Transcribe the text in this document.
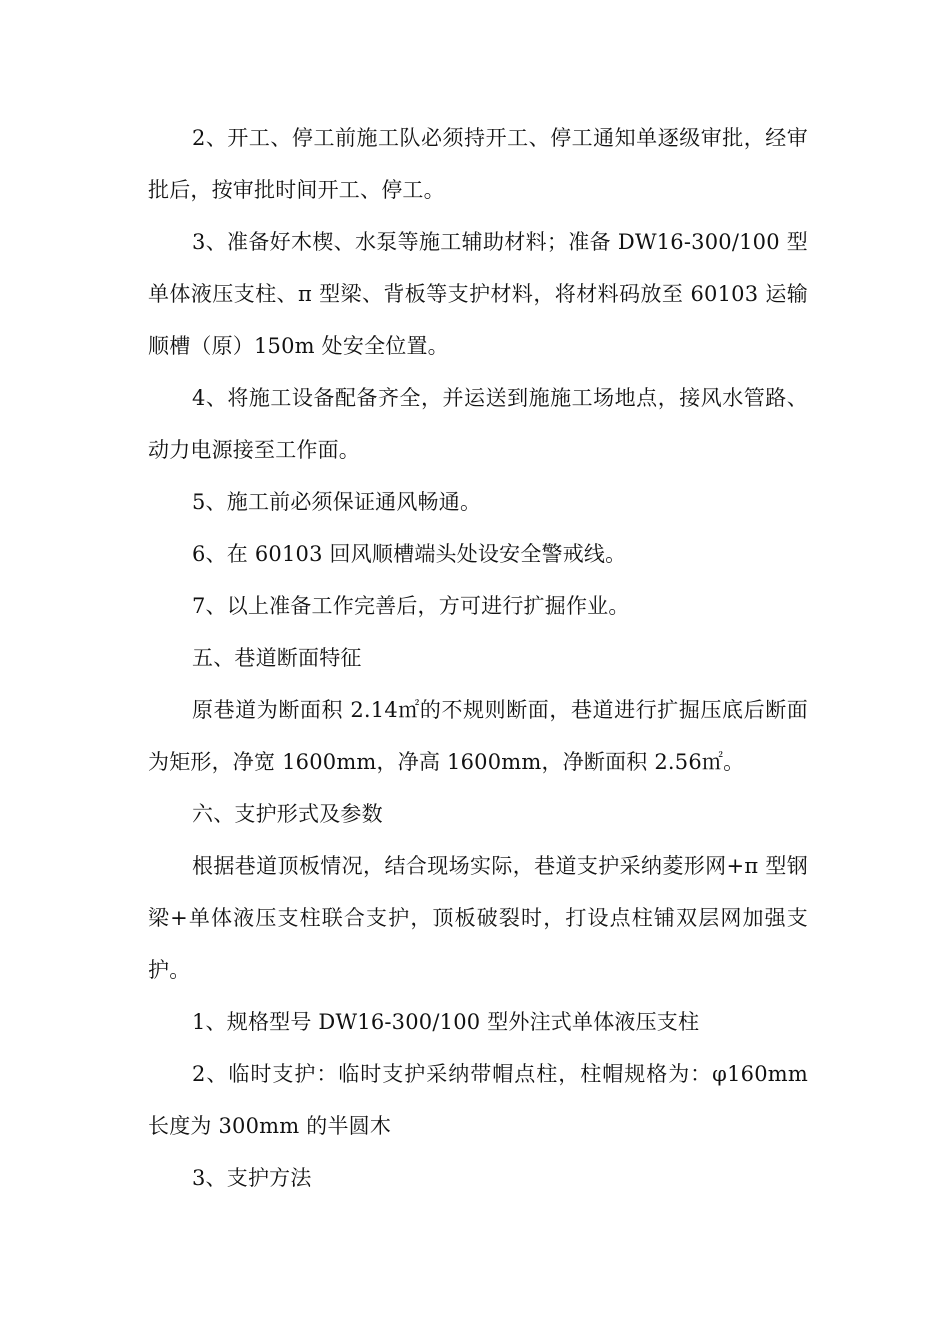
2、开工、停工前施工队必须持开工、停工通知单逐级审批，经审批后，按审批时间开工、停工。

3、准备好木楔、水泵等施工辅助材料；准备 DW16-300/100 型单体液压支柱、π 型梁、背板等支护材料，将材料码放至 60103 运输顺槽（原）150m 处安全位置。

4、将施工设备配备齐全，并运送到施施工场地点，接风水管路、动力电源接至工作面。

5、施工前必须保证通风畅通。

6、在 60103 回风顺槽端头处设安全警戒线。

7、以上准备工作完善后，方可进行扩掘作业。

五、巷道断面特征

原巷道为断面积 2.14㎡的不规则断面，巷道进行扩掘压底后断面为矩形，净宽 1600mm，净高 1600mm，净断面积 2.56㎡。

六、支护形式及参数

根据巷道顶板情况，结合现场实际，巷道支护采纳菱形网+π 型钢梁+单体液压支柱联合支护，顶板破裂时，打设点柱铺双层网加强支护。

1、规格型号 DW16-300/100 型外注式单体液压支柱

2、临时支护：临时支护采纳带帽点柱，柱帽规格为：φ160mm 长度为 300mm 的半圆木

3、支护方法
